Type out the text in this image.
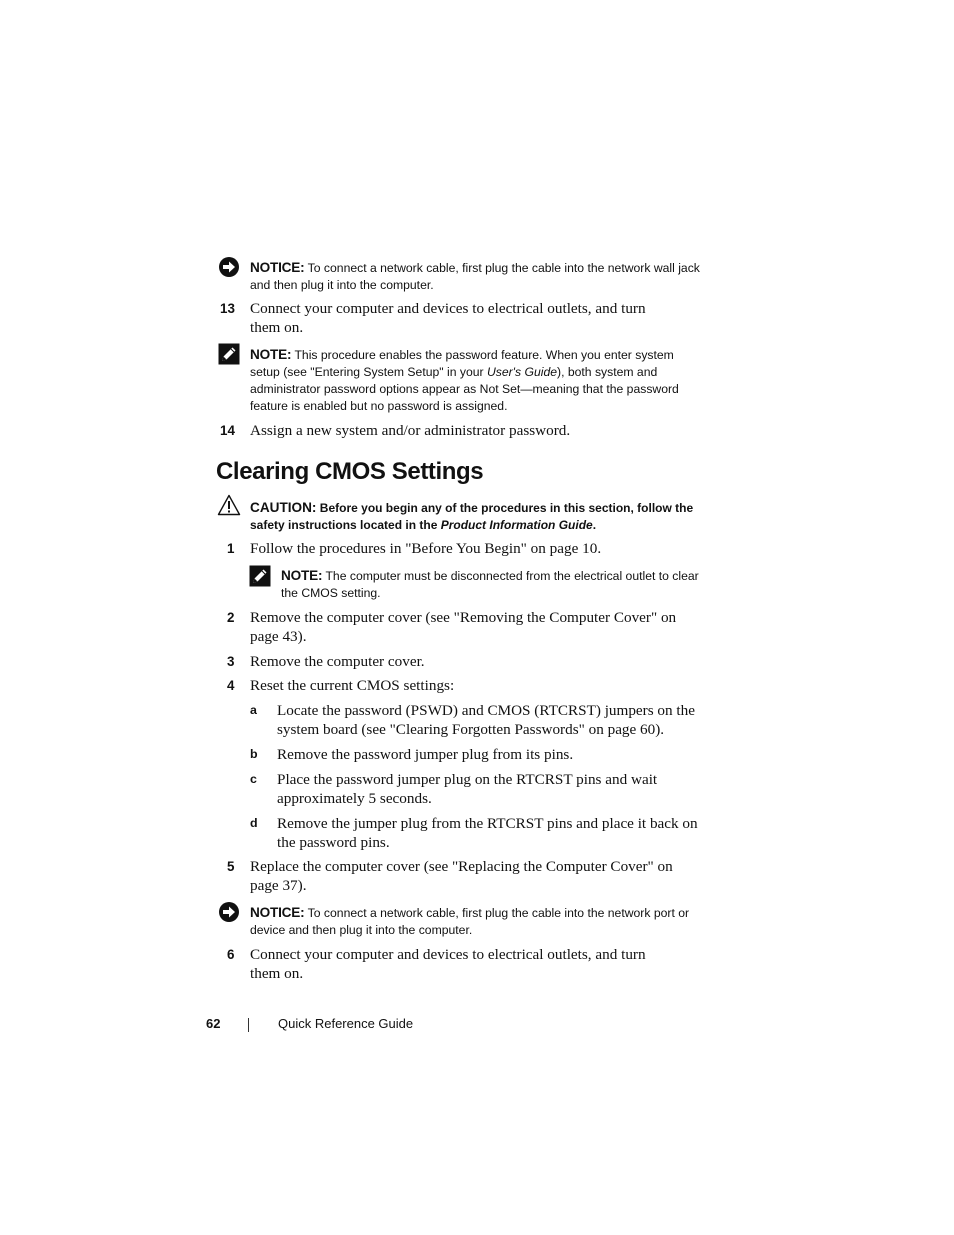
NOTICE: To connect a network cable, first plug the cable into the network wall jack
and then plug it into the computer.
13 Connect your computer and devices to electrical outlets, and turn
them on.
NOTE: This procedure enables the password feature. When you enter system
setup (see "Entering System Setup" in your User's Guide), both system and
administrator password options appear as Not Set—meaning that the password
feature is enabled but no password is assigned.
14 Assign a new system and/or administrator password.
Clearing CMOS Settings
CAUTION: Before you begin any of the procedures in this section, follow the
safety instructions located in the Product Information Guide.
1 Follow the procedures in "Before You Begin" on page 10.
NOTE: The computer must be disconnected from the electrical outlet to clear
the CMOS setting.
2 Remove the computer cover (see "Removing the Computer Cover" on
page 43).
3 Remove the computer cover.
4 Reset the current CMOS settings:
a Locate the password (PSWD) and CMOS (RTCRST) jumpers on the
system board (see "Clearing Forgotten Passwords" on page 60).
b Remove the password jumper plug from its pins.
c Place the password jumper plug on the RTCRST pins and wait
approximately 5 seconds.
d Remove the jumper plug from the RTCRST pins and place it back on
the password pins.
5 Replace the computer cover (see "Replacing the Computer Cover" on
page 37).
NOTICE: To connect a network cable, first plug the cable into the network port or
device and then plug it into the computer.
6 Connect your computer and devices to electrical outlets, and turn
them on.
62	Quick Reference Guide
